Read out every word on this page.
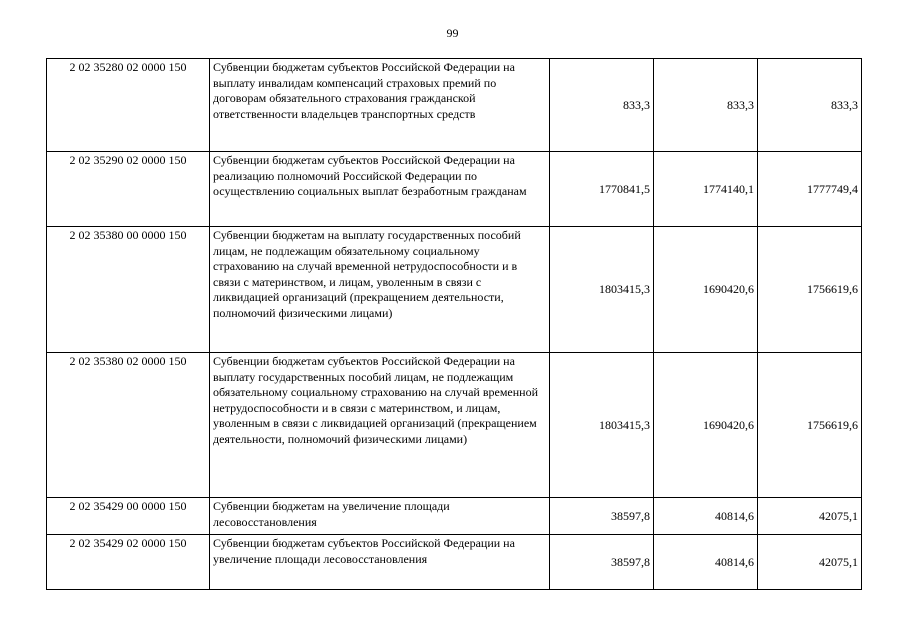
99
2 02 35280 02 0000 150	Субвенции бюджетам субъектов Российской Федерации на выплату инвалидам компенсаций страховых премий по договорам обязательного страхования гражданской ответственности владельцев транспортных средств	833,3	833,3	833,3
2 02 35290 02 0000 150	Субвенции бюджетам субъектов Российской Федерации на реализацию полномочий Российской Федерации по осуществлению социальных выплат безработным гражданам	1770841,5	1774140,1	1777749,4
2 02 35380 00 0000 150	Субвенции бюджетам на выплату государственных пособий лицам, не подлежащим обязательному социальному страхованию на случай временной нетрудоспособности и в связи с материнством, и лицам, уволенным в связи с ликвидацией организаций (прекращением деятельности, полномочий физическими лицами)	1803415,3	1690420,6	1756619,6
2 02 35380 02 0000 150	Субвенции бюджетам субъектов Российской Федерации на выплату государственных пособий лицам, не подлежащим обязательному социальному страхованию на случай временной нетрудоспособности и в связи с материнством, и лицам, уволенным в связи с ликвидацией организаций (прекращением деятельности, полномочий физическими лицами)	1803415,3	1690420,6	1756619,6
2 02 35429 00 0000 150	Субвенции бюджетам на увеличение площади лесовосстановления	38597,8	40814,6	42075,1
2 02 35429 02 0000 150	Субвенции бюджетам субъектов Российской Федерации на увеличение площади лесовосстановления	38597,8	40814,6	42075,1
